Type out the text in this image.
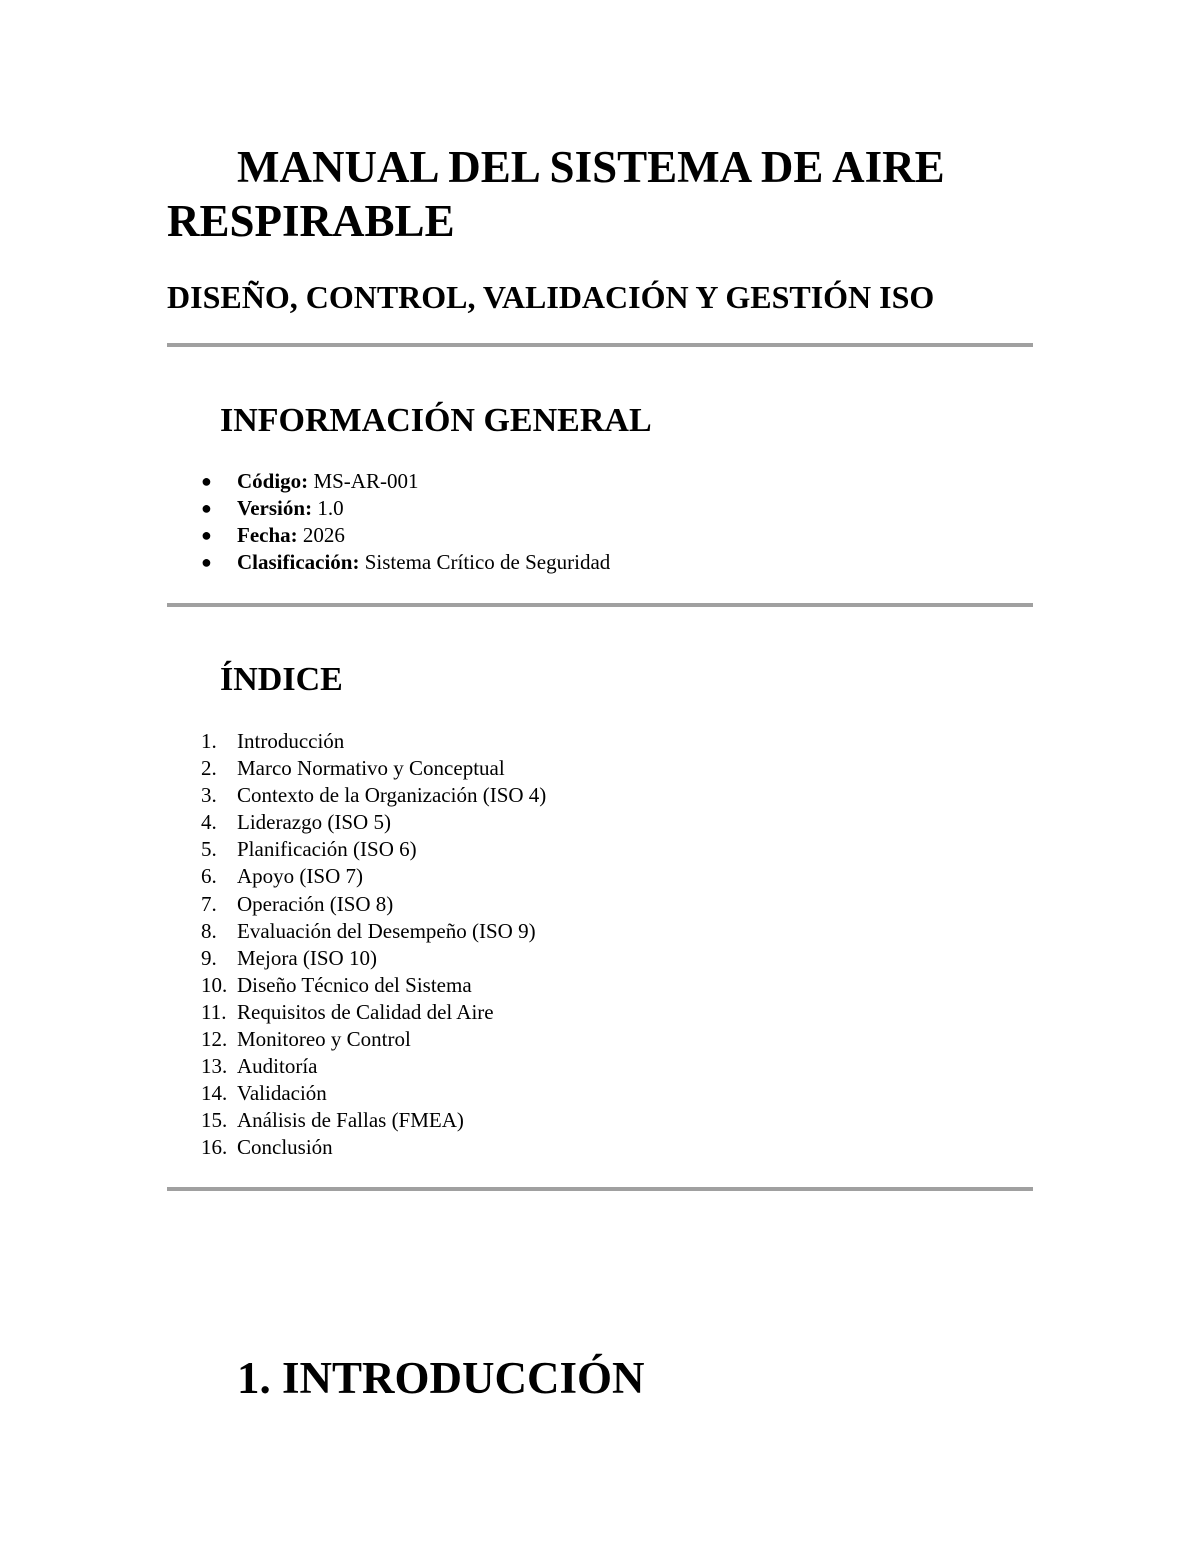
MANUAL DEL SISTEMA DE AIRE RESPIRABLE
DISEÑO, CONTROL, VALIDACIÓN Y GESTIÓN ISO
INFORMACIÓN GENERAL
● Código: MS-AR-001
● Versión: 1.0
● Fecha: 2026
● Clasificación: Sistema Crítico de Seguridad
ÍNDICE
1. Introducción
2. Marco Normativo y Conceptual
3. Contexto de la Organización (ISO 4)
4. Liderazgo (ISO 5)
5. Planificación (ISO 6)
6. Apoyo (ISO 7)
7. Operación (ISO 8)
8. Evaluación del Desempeño (ISO 9)
9. Mejora (ISO 10)
10. Diseño Técnico del Sistema
11. Requisitos de Calidad del Aire
12. Monitoreo y Control
13. Auditoría
14. Validación
15. Análisis de Fallas (FMEA)
16. Conclusión
1. INTRODUCCIÓN
